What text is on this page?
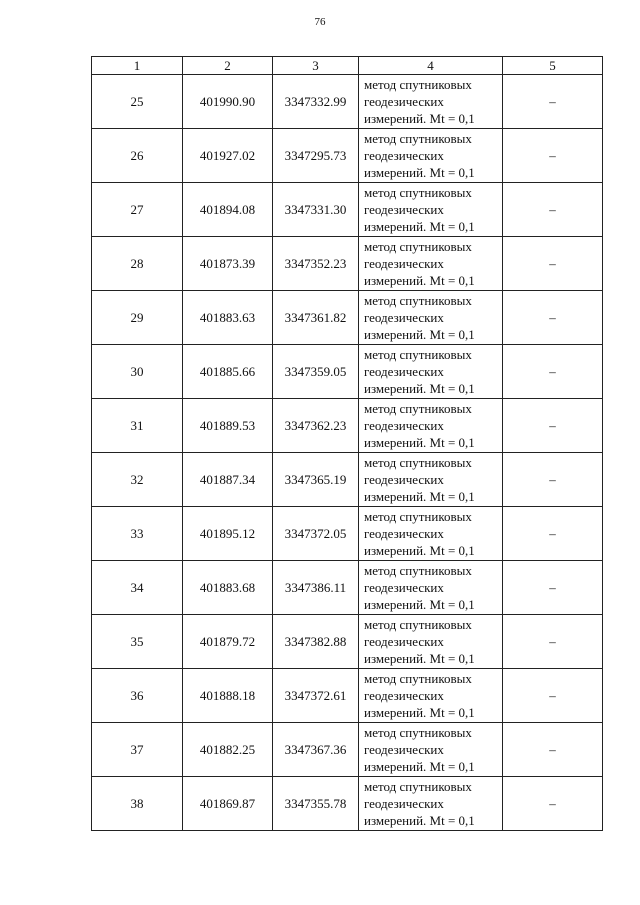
76
1	2	3	4	5
25	401990.90	3347332.99	метод спутниковых
геодезических
измерений. Mt = 0,1	–
26	401927.02	3347295.73	метод спутниковых
геодезических
измерений. Mt = 0,1	–
27	401894.08	3347331.30	метод спутниковых
геодезических
измерений. Mt = 0,1	–
28	401873.39	3347352.23	метод спутниковых
геодезических
измерений. Mt = 0,1	–
29	401883.63	3347361.82	метод спутниковых
геодезических
измерений. Mt = 0,1	–
30	401885.66	3347359.05	метод спутниковых
геодезических
измерений. Mt = 0,1	–
31	401889.53	3347362.23	метод спутниковых
геодезических
измерений. Mt = 0,1	–
32	401887.34	3347365.19	метод спутниковых
геодезических
измерений. Mt = 0,1	–
33	401895.12	3347372.05	метод спутниковых
геодезических
измерений. Mt = 0,1	–
34	401883.68	3347386.11	метод спутниковых
геодезических
измерений. Mt = 0,1	–
35	401879.72	3347382.88	метод спутниковых
геодезических
измерений. Mt = 0,1	–
36	401888.18	3347372.61	метод спутниковых
геодезических
измерений. Mt = 0,1	–
37	401882.25	3347367.36	метод спутниковых
геодезических
измерений. Mt = 0,1	–
38	401869.87	3347355.78	метод спутниковых
геодезических
измерений. Mt = 0,1	–
